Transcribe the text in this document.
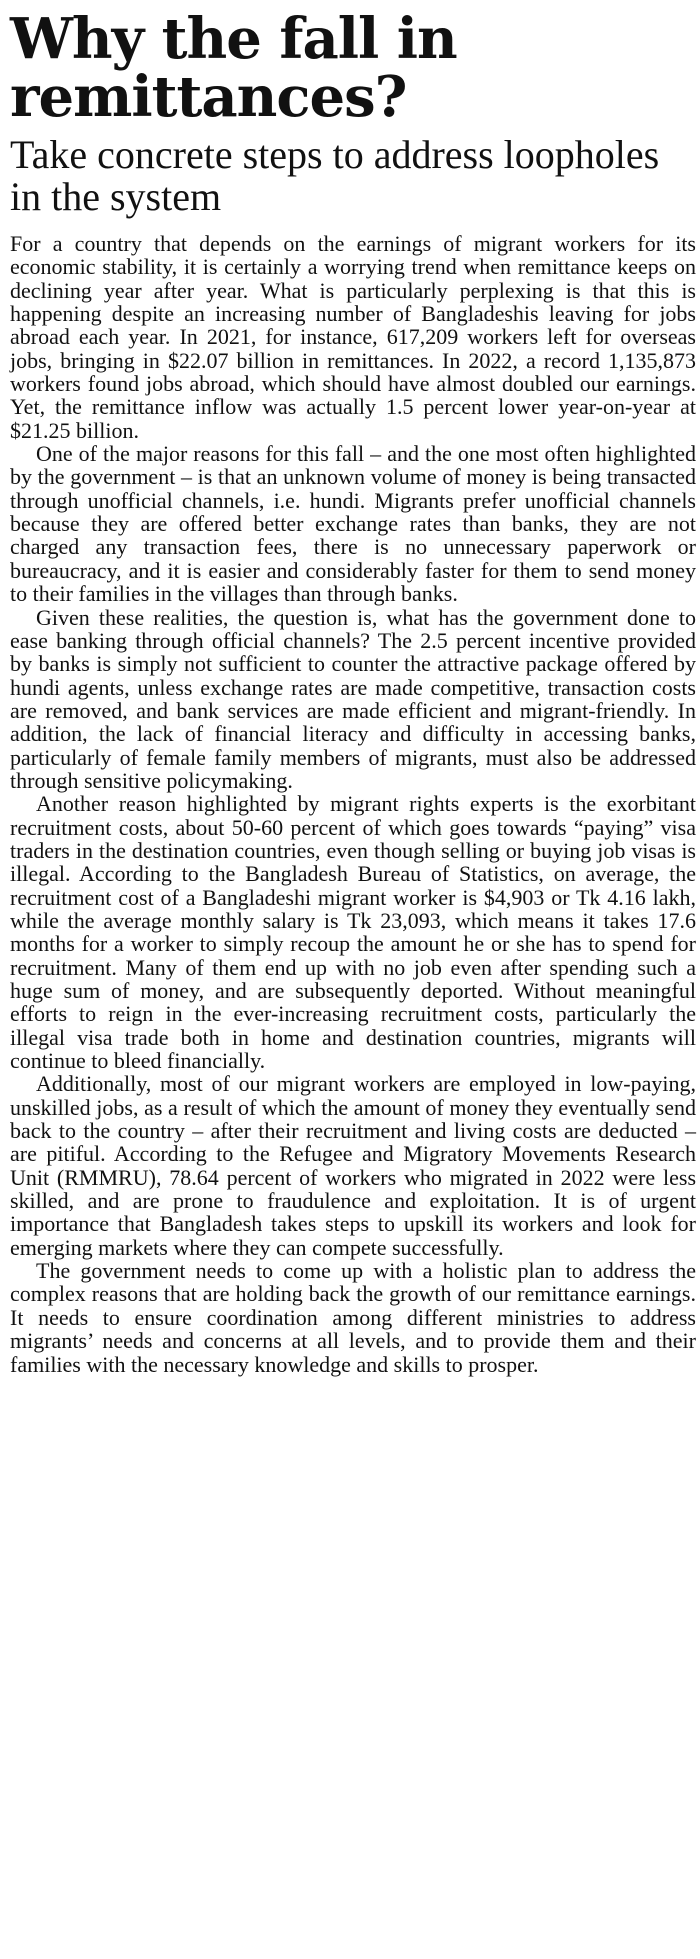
Why the fall in remittances?
Take concrete steps to address loopholes in the system

For a country that depends on the earnings of migrant workers for its economic stability, it is certainly a worrying trend when remittance keeps on declining year after year. What is particularly perplexing is that this is happening despite an increasing number of Bangladeshis leaving for jobs abroad each year. In 2021, for instance, 617,209 workers left for overseas jobs, bringing in $22.07 billion in remittances. In 2022, a record 1,135,873 workers found jobs abroad, which should have almost doubled our earnings. Yet, the remittance inflow was actually 1.5 percent lower year-on-year at $21.25 billion.

One of the major reasons for this fall – and the one most often highlighted by the government – is that an unknown volume of money is being transacted through unofficial channels, i.e. hundi. Migrants prefer unofficial channels because they are offered better exchange rates than banks, they are not charged any transaction fees, there is no unnecessary paperwork or bureaucracy, and it is easier and considerably faster for them to send money to their families in the villages than through banks.

Given these realities, the question is, what has the government done to ease banking through official channels? The 2.5 percent incentive provided by banks is simply not sufficient to counter the attractive package offered by hundi agents, unless exchange rates are made competitive, transaction costs are removed, and bank services are made efficient and migrant-friendly. In addition, the lack of financial literacy and difficulty in accessing banks, particularly of female family members of migrants, must also be addressed through sensitive policymaking.

Another reason highlighted by migrant rights experts is the exorbitant recruitment costs, about 50-60 percent of which goes towards “paying” visa traders in the destination countries, even though selling or buying job visas is illegal. According to the Bangladesh Bureau of Statistics, on average, the recruitment cost of a Bangladeshi migrant worker is $4,903 or Tk 4.16 lakh, while the average monthly salary is Tk 23,093, which means it takes 17.6 months for a worker to simply recoup the amount he or she has to spend for recruitment. Many of them end up with no job even after spending such a huge sum of money, and are subsequently deported. Without meaningful efforts to reign in the ever-increasing recruitment costs, particularly the illegal visa trade both in home and destination countries, migrants will continue to bleed financially.

Additionally, most of our migrant workers are employed in low-paying, unskilled jobs, as a result of which the amount of money they eventually send back to the country – after their recruitment and living costs are deducted – are pitiful. According to the Refugee and Migratory Movements Research Unit (RMMRU), 78.64 percent of workers who migrated in 2022 were less skilled, and are prone to fraudulence and exploitation. It is of urgent importance that Bangladesh takes steps to upskill its workers and look for emerging markets where they can compete successfully.

The government needs to come up with a holistic plan to address the complex reasons that are holding back the growth of our remittance earnings. It needs to ensure coordination among different ministries to address migrants’ needs and concerns at all levels, and to provide them and their families with the necessary knowledge and skills to prosper.
